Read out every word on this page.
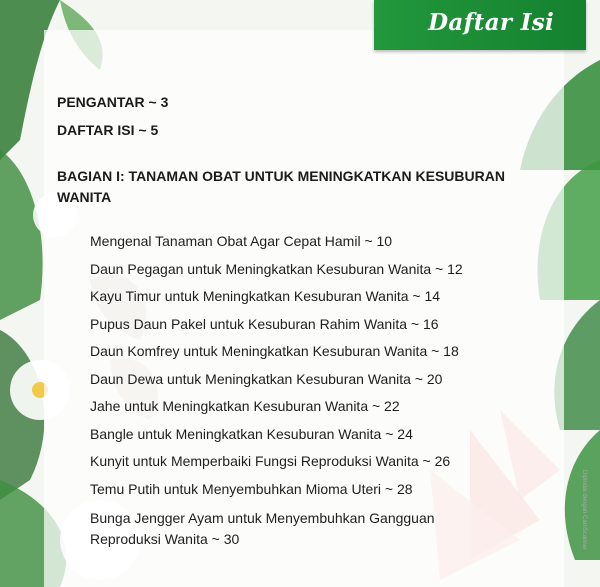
Daftar Isi
PENGANTAR ~ 3
DAFTAR ISI ~ 5
BAGIAN I: TANAMAN OBAT UNTUK MENINGKATKAN KESUBURAN WANITA
Mengenal Tanaman Obat Agar Cepat Hamil ~ 10
Daun Pegagan untuk Meningkatkan Kesuburan Wanita ~ 12
Kayu Timur untuk Meningkatkan Kesuburan Wanita ~ 14
Pupus Daun Pakel untuk Kesuburan Rahim Wanita ~ 16
Daun Komfrey untuk Meningkatkan Kesuburan Wanita ~ 18
Daun Dewa untuk Meningkatkan Kesuburan Wanita ~ 20
Jahe untuk Meningkatkan Kesuburan Wanita ~ 22
Bangle untuk Meningkatkan Kesuburan Wanita ~ 24
Kunyit untuk Memperbaiki Fungsi Reproduksi Wanita ~ 26
Temu Putih untuk Menyembuhkan Mioma Uteri ~ 28
Bunga Jengger Ayam untuk Menyembuhkan Gangguan Reproduksi Wanita ~ 30	Dipindai dengan CamScanner
